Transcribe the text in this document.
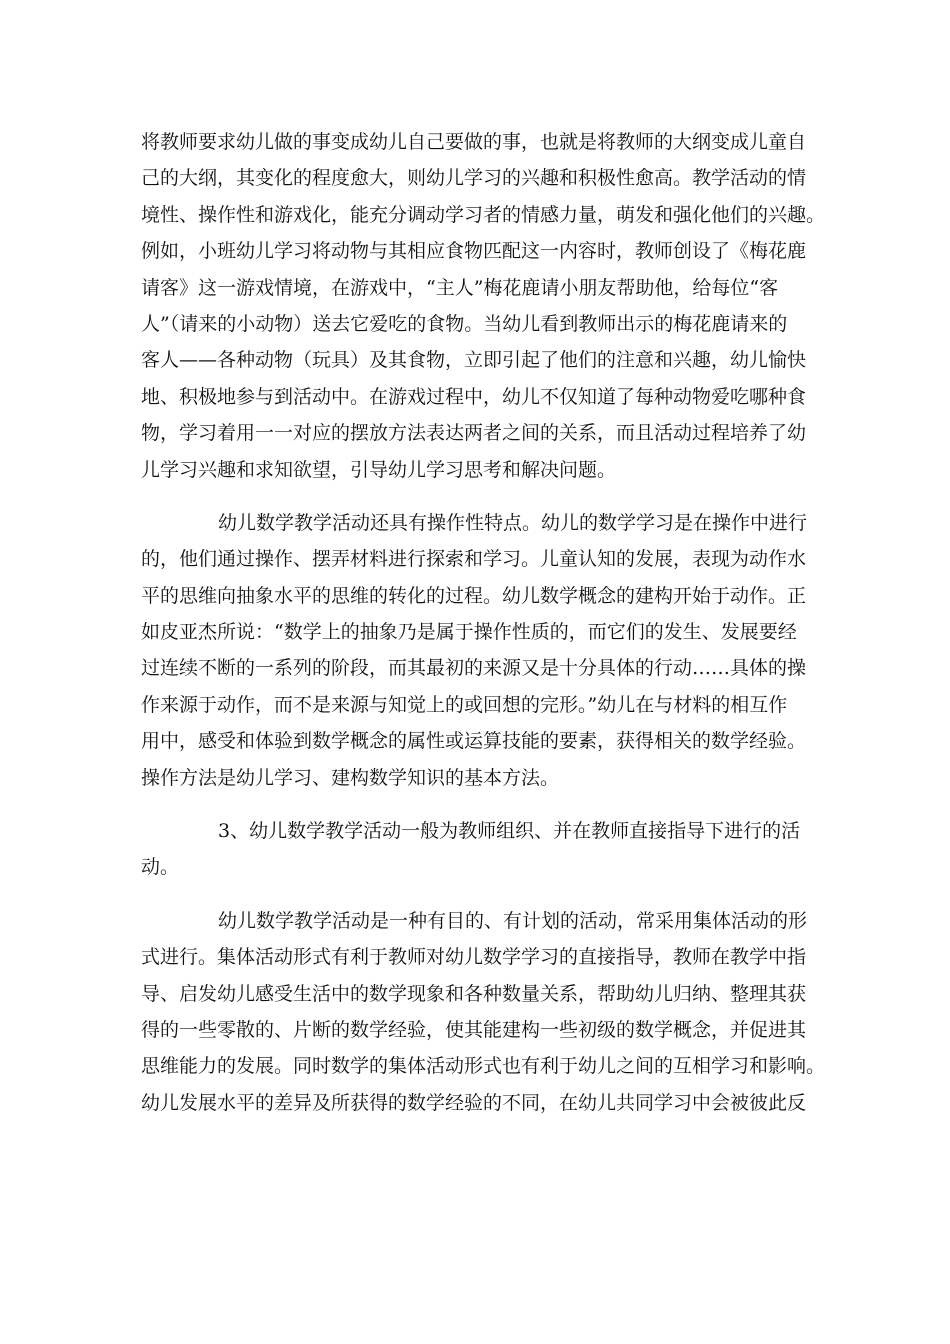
将教师要求幼儿做的事变成幼儿自己要做的事，也就是将教师的大纲变成儿童自
己的大纲，其变化的程度愈大，则幼儿学习的兴趣和积极性愈高。教学活动的情
境性、操作性和游戏化，能充分调动学习者的情感力量，萌发和强化他们的兴趣。
例如，小班幼儿学习将动物与其相应食物匹配这一内容时，教师创设了《梅花鹿
请客》这一游戏情境，在游戏中，“主人”梅花鹿请小朋友帮助他，给每位“客
人”（请来的小动物）送去它爱吃的食物。当幼儿看到教师出示的梅花鹿请来的
客人——各种动物（玩具）及其食物，立即引起了他们的注意和兴趣，幼儿愉快
地、积极地参与到活动中。在游戏过程中，幼儿不仅知道了每种动物爱吃哪种食
物，学习着用一一对应的摆放方法表达两者之间的关系，而且活动过程培养了幼
儿学习兴趣和求知欲望，引导幼儿学习思考和解决问题。
幼儿数学教学活动还具有操作性特点。幼儿的数学学习是在操作中进行
的，他们通过操作、摆弄材料进行探索和学习。儿童认知的发展，表现为动作水
平的思维向抽象水平的思维的转化的过程。幼儿数学概念的建构开始于动作。正
如皮亚杰所说：“数学上的抽象乃是属于操作性质的，而它们的发生、发展要经
过连续不断的一系列的阶段，而其最初的来源又是十分具体的行动……具体的操
作来源于动作，而不是来源与知觉上的或回想的完形。”幼儿在与材料的相互作
用中，感受和体验到数学概念的属性或运算技能的要素，获得相关的数学经验。
操作方法是幼儿学习、建构数学知识的基本方法。
3、幼儿数学教学活动一般为教师组织、并在教师直接指导下进行的活
动。
幼儿数学教学活动是一种有目的、有计划的活动，常采用集体活动的形
式进行。集体活动形式有利于教师对幼儿数学学习的直接指导，教师在教学中指
导、启发幼儿感受生活中的数学现象和各种数量关系，帮助幼儿归纳、整理其获
得的一些零散的、片断的数学经验，使其能建构一些初级的数学概念，并促进其
思维能力的发展。同时数学的集体活动形式也有利于幼儿之间的互相学习和影响。
幼儿发展水平的差异及所获得的数学经验的不同，在幼儿共同学习中会被彼此反
